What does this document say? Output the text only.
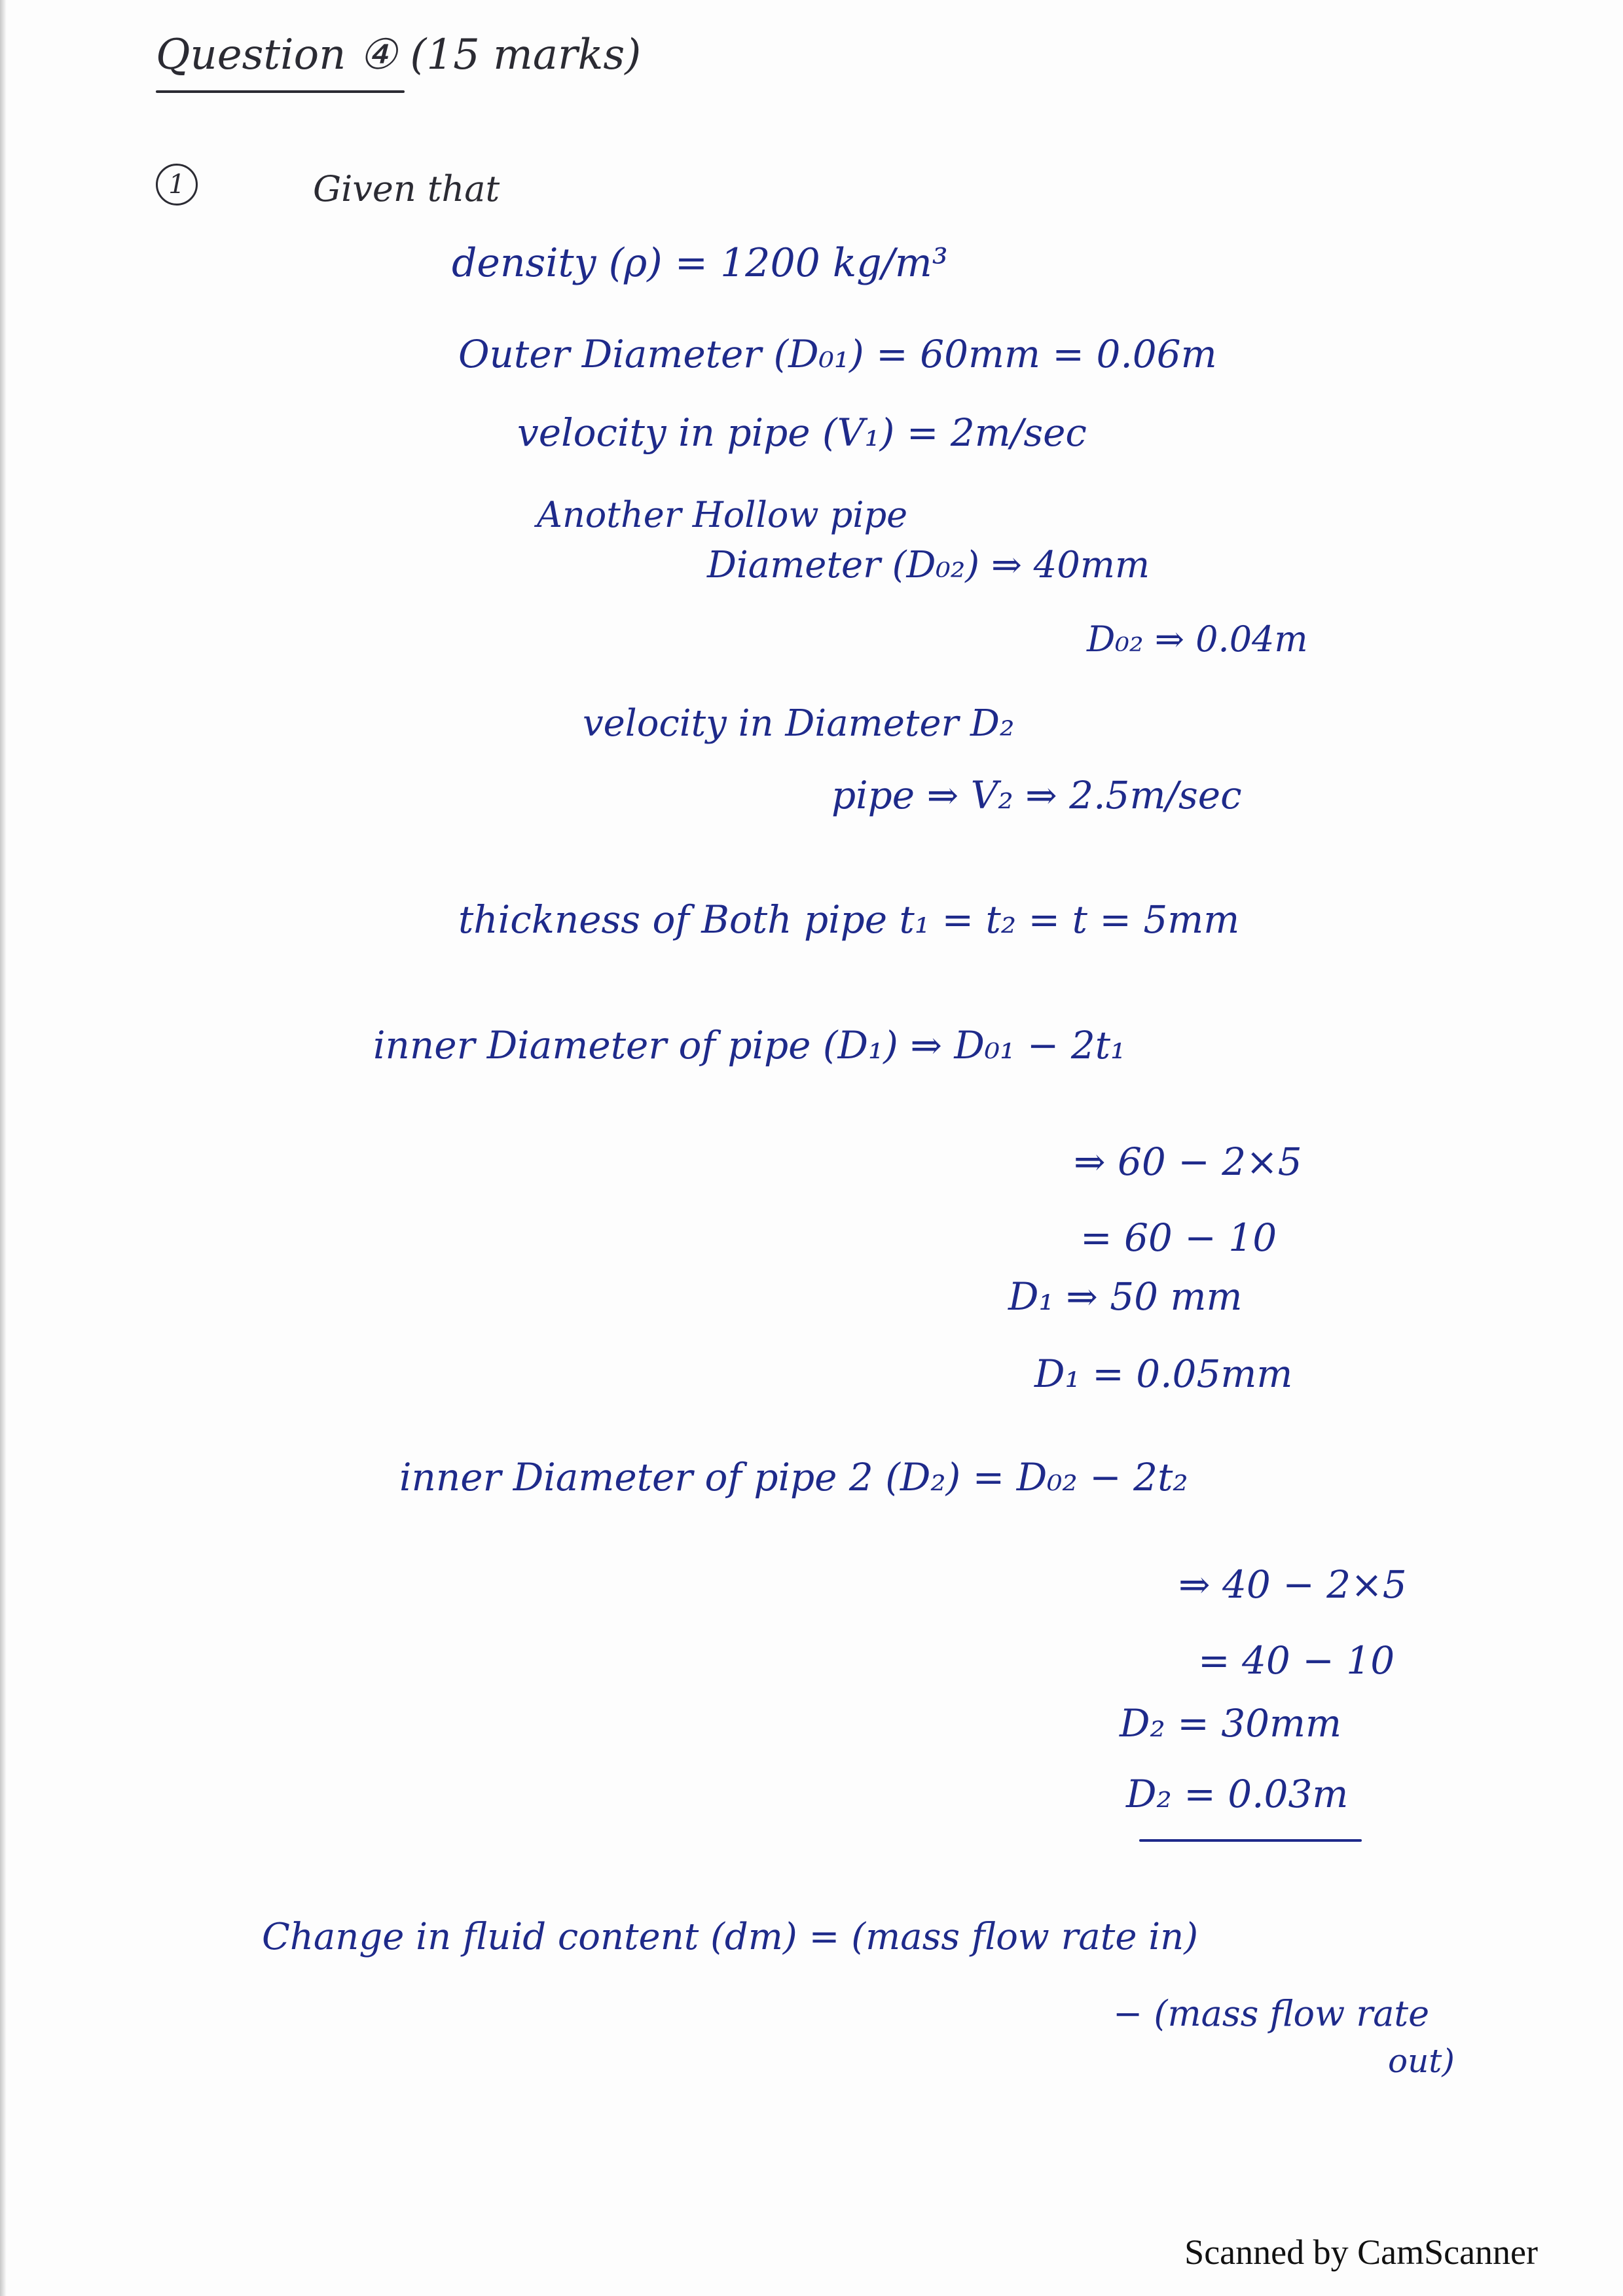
Question ④ (15 marks)
1	Given that
density (ρ) = 1200 kg/m³
Outer Diameter (D₀₁) = 60mm = 0.06m
velocity in pipe (V₁) = 2m/sec
Another Hollow pipe
Diameter (D₀₂) ⇒ 40mm
D₀₂ ⇒ 0.04m
velocity in Diameter D₂
pipe ⇒ V₂ ⇒ 2.5m/sec
thickness of Both pipe t₁ = t₂ = t = 5mm
inner Diameter of pipe (D₁) ⇒ D₀₁ − 2t₁
⇒ 60 − 2×5
= 60 − 10
D₁ ⇒ 50 mm
D₁ = 0.05mm
inner Diameter of pipe 2 (D₂) = D₀₂ − 2t₂
⇒ 40 − 2×5
= 40 − 10
D₂ = 30mm
D₂ = 0.03m
Change in fluid content (dm) = (mass flow rate in)
− (mass flow rate
out)
Scanned by CamScanner
